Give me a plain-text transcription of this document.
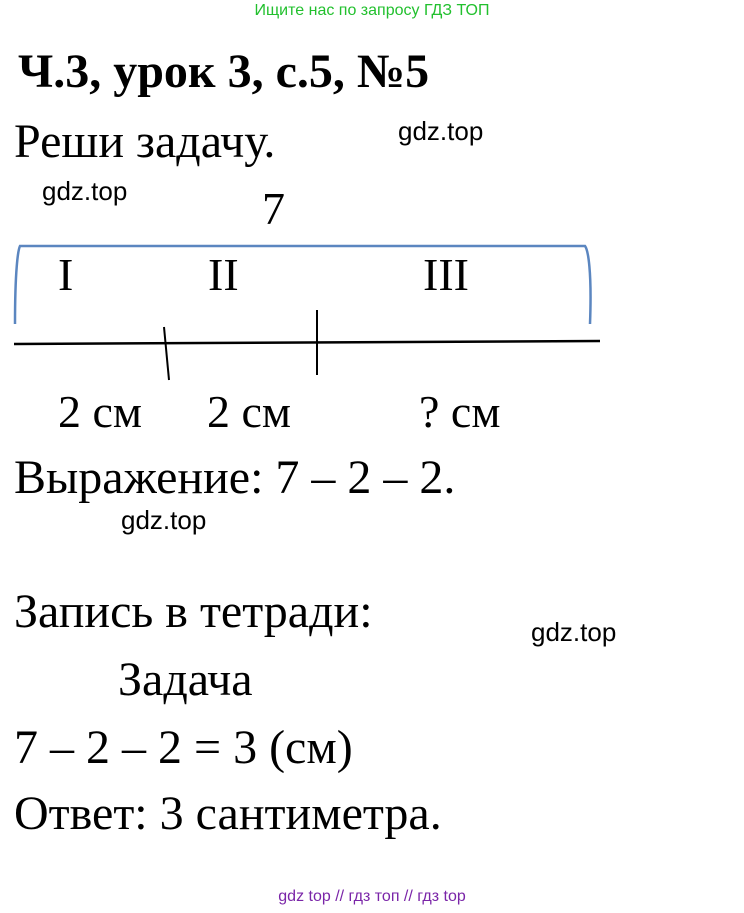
Ищите нас по запросу ГДЗ ТОП
Ч.3, урок 3, с.5, №5
Реши задачу.	gdz.top
gdz.top	7
I	II	III
2 см 2 см	? см
Выражение: 7 – 2 – 2.
gdz.top
Запись в тетради:	gdz.top
Задача
7 – 2 – 2 = 3 (см)
Ответ: 3 сантиметра.
gdz top // гдз топ // гдз top
